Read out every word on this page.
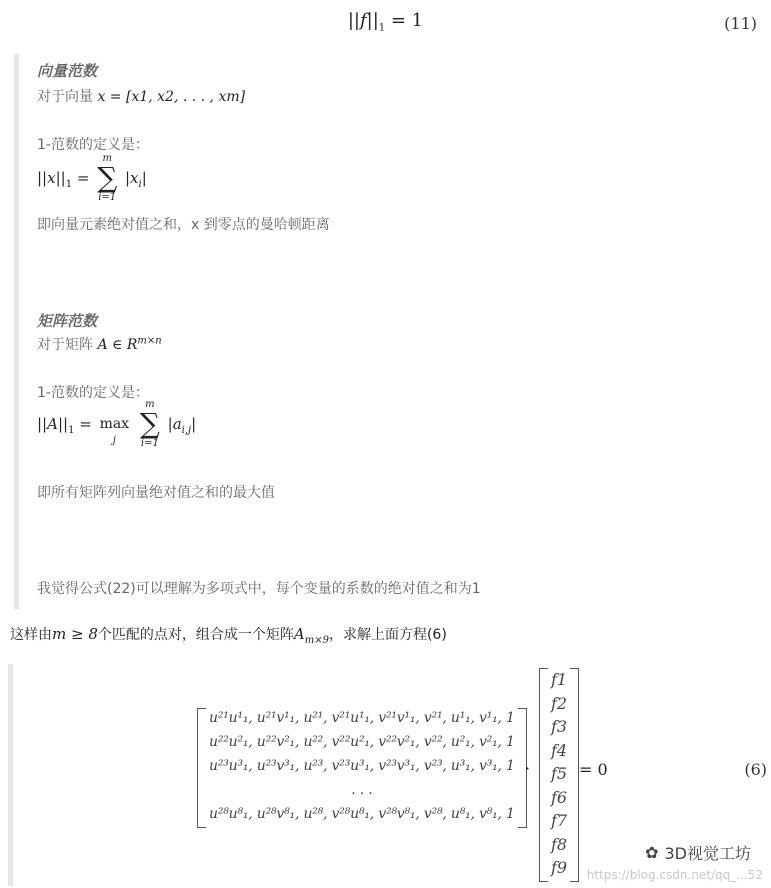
$||f||_1 = 1$	(11)
向量范数
对于向量 x = [x1, x2, . . . , xm]
1-范数的定义是：
$||x||_1$ =
m
∑
i=1
$|x_i|$
即向量元素绝对值之和，x 到零点的曼哈顿距离
矩阵范数
对于矩阵 A ∈ $R^{m\times n}$
1-范数的定义是：
$||A||_1$ =
max
j

m
∑
i=1
$|a_{i,j}|$
即所有矩阵列向量绝对值之和的最大值
我觉得公式(22)可以理解为多项式中，每个变量的系数的绝对值之和为1
这样由m ≥ 8个匹配的点对，组合成一个矩阵$A_{m\times 9}$，求解上面方程(6)
u²¹u¹₁, u²¹v¹₁, u²¹, v²¹u¹₁, v²¹v¹₁, v²¹, u¹₁, v¹₁, 1
u²²u²₁, u²²v²₁, u²², v²²u²₁, v²²v²₁, v²², u²₁, v²₁, 1
u²³u³₁, u²³v³₁, u²³, v²³u³₁, v²³v³₁, v²³, u³₁, v³₁, 1
. . .
u²⁸u⁸₁, u²⁸v⁸₁, u²⁸, v²⁸u⁸₁, v²⁸v⁸₁, v²⁸, u⁸₁, v⁸₁, 1
·
f1
f2
f3
f4
f5
f6
f7
f8
f9
= 0	(6)
✿ 3D视觉工坊
https://blog.csdn.net/qq_...52
